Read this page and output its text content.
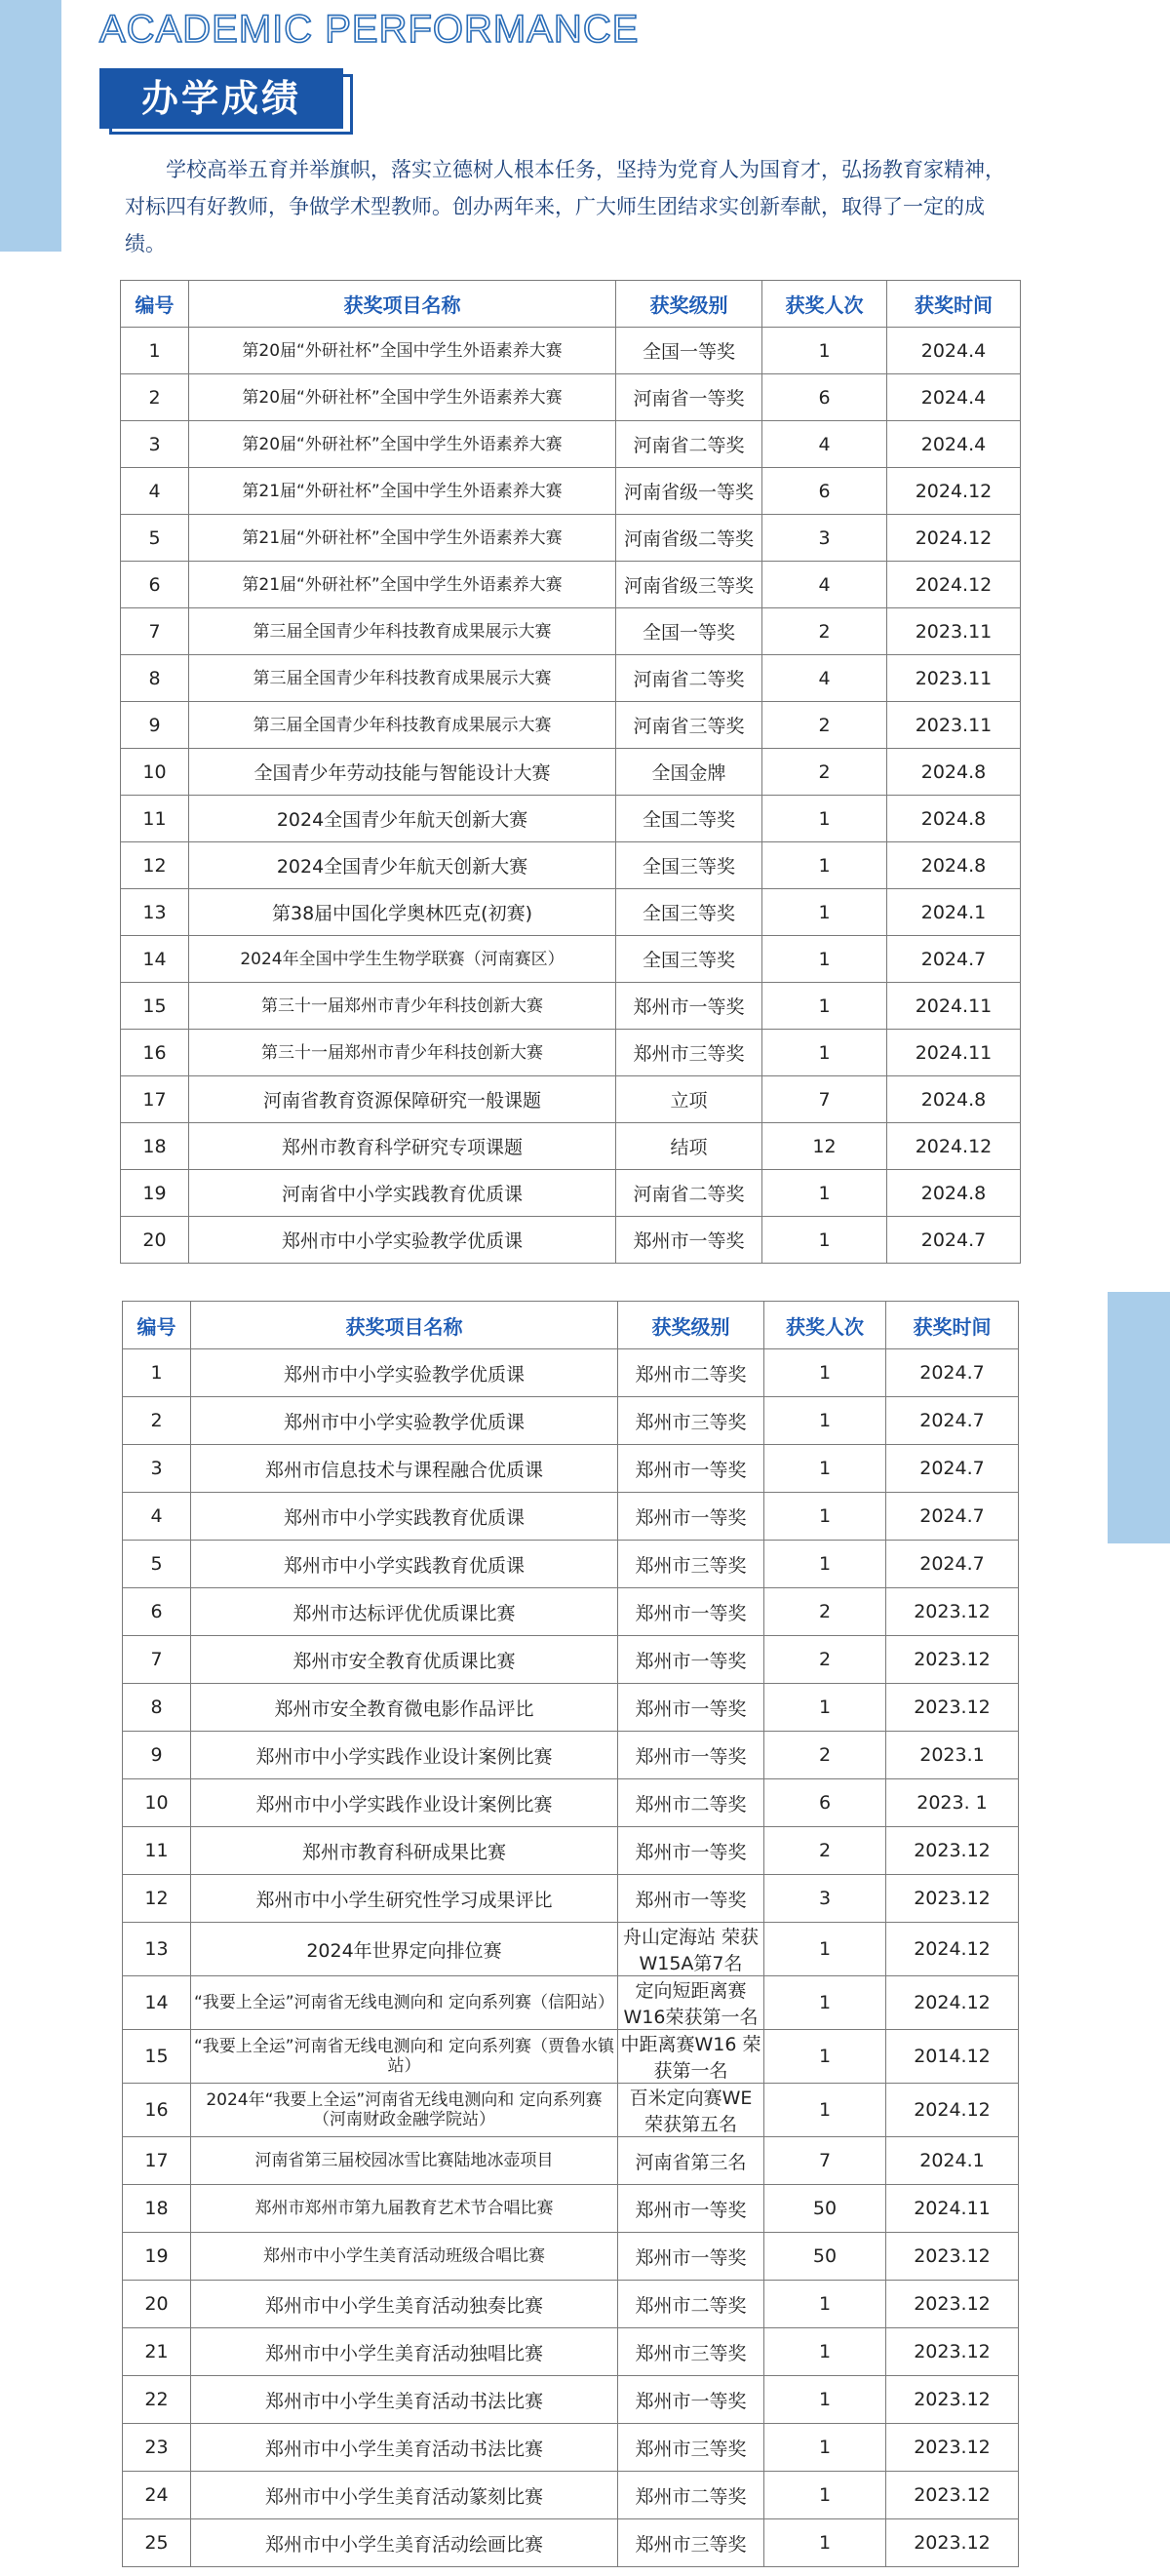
ACADEMIC PERFORMANCE
办学成绩

学校高举五育并举旗帜，落实立德树人根本任务，坚持为党育人为国育才，弘扬教育家精神，对标四有好教师，争做学术型教师。创办两年来，广大师生团结求实创新奉献，取得了一定的成绩。

编号	获奖项目名称	获奖级别	获奖人次	获奖时间
1	第20届“外研社杯”全国中学生外语素养大赛	全国一等奖	1	2024.4
2	第20届“外研社杯”全国中学生外语素养大赛	河南省一等奖	6	2024.4
3	第20届“外研社杯”全国中学生外语素养大赛	河南省二等奖	4	2024.4
4	第21届“外研社杯”全国中学生外语素养大赛	河南省级一等奖	6	2024.12
5	第21届“外研社杯”全国中学生外语素养大赛	河南省级二等奖	3	2024.12
6	第21届“外研社杯”全国中学生外语素养大赛	河南省级三等奖	4	2024.12
7	第三届全国青少年科技教育成果展示大赛	全国一等奖	2	2023.11
8	第三届全国青少年科技教育成果展示大赛	河南省二等奖	4	2023.11
9	第三届全国青少年科技教育成果展示大赛	河南省三等奖	2	2023.11
10	全国青少年劳动技能与智能设计大赛	全国金牌	2	2024.8
11	2024全国青少年航天创新大赛	全国二等奖	1	2024.8
12	2024全国青少年航天创新大赛	全国三等奖	1	2024.8
13	第38届中国化学奥林匹克(初赛)	全国三等奖	1	2024.1
14	2024年全国中学生生物学联赛（河南赛区）	全国三等奖	1	2024.7
15	第三十一届郑州市青少年科技创新大赛	郑州市一等奖	1	2024.11
16	第三十一届郑州市青少年科技创新大赛	郑州市三等奖	1	2024.11
17	河南省教育资源保障研究一般课题	立项	7	2024.8
18	郑州市教育科学研究专项课题	结项	12	2024.12
19	河南省中小学实践教育优质课	河南省二等奖	1	2024.8
20	郑州市中小学实验教学优质课	郑州市一等奖	1	2024.7
编号	获奖项目名称	获奖级别	获奖人次	获奖时间
1	郑州市中小学实验教学优质课	郑州市二等奖	1	2024.7
2	郑州市中小学实验教学优质课	郑州市三等奖	1	2024.7
3	郑州市信息技术与课程融合优质课	郑州市一等奖	1	2024.7
4	郑州市中小学实践教育优质课	郑州市一等奖	1	2024.7
5	郑州市中小学实践教育优质课	郑州市三等奖	1	2024.7
6	郑州市达标评优优质课比赛	郑州市一等奖	2	2023.12
7	郑州市安全教育优质课比赛	郑州市一等奖	2	2023.12
8	郑州市安全教育微电影作品评比	郑州市一等奖	1	2023.12
9	郑州市中小学实践作业设计案例比赛	郑州市一等奖	2	2023.1
10	郑州市中小学实践作业设计案例比赛	郑州市二等奖	6	2023. 1
11	郑州市教育科研成果比赛	郑州市一等奖	2	2023.12
12	郑州市中小学生研究性学习成果评比	郑州市一等奖	3	2023.12
13	2024年世界定向排位赛	舟山定海站 荣获W15A第7名	1	2024.12
14	“我要上全运”河南省无线电测向和 定向系列赛（信阳站）	定向短距离赛 W16荣获第一名	1	2024.12
15	“我要上全运”河南省无线电测向和 定向系列赛（贾鲁水镇站）	中距离赛W16 荣获第一名	1	2014.12
16	2024年“我要上全运”河南省无线电测向和 定向系列赛（河南财政金融学院站）	百米定向赛WE 荣获第五名	1	2024.12
17	河南省第三届校园冰雪比赛陆地冰壶项目	河南省第三名	7	2024.1
18	郑州市郑州市第九届教育艺术节合唱比赛	郑州市一等奖	50	2024.11
19	郑州市中小学生美育活动班级合唱比赛	郑州市一等奖	50	2023.12
20	郑州市中小学生美育活动独奏比赛	郑州市二等奖	1	2023.12
21	郑州市中小学生美育活动独唱比赛	郑州市三等奖	1	2023.12
22	郑州市中小学生美育活动书法比赛	郑州市一等奖	1	2023.12
23	郑州市中小学生美育活动书法比赛	郑州市三等奖	1	2023.12
24	郑州市中小学生美育活动篆刻比赛	郑州市二等奖	1	2023.12
25	郑州市中小学生美育活动绘画比赛	郑州市三等奖	1	2023.12
